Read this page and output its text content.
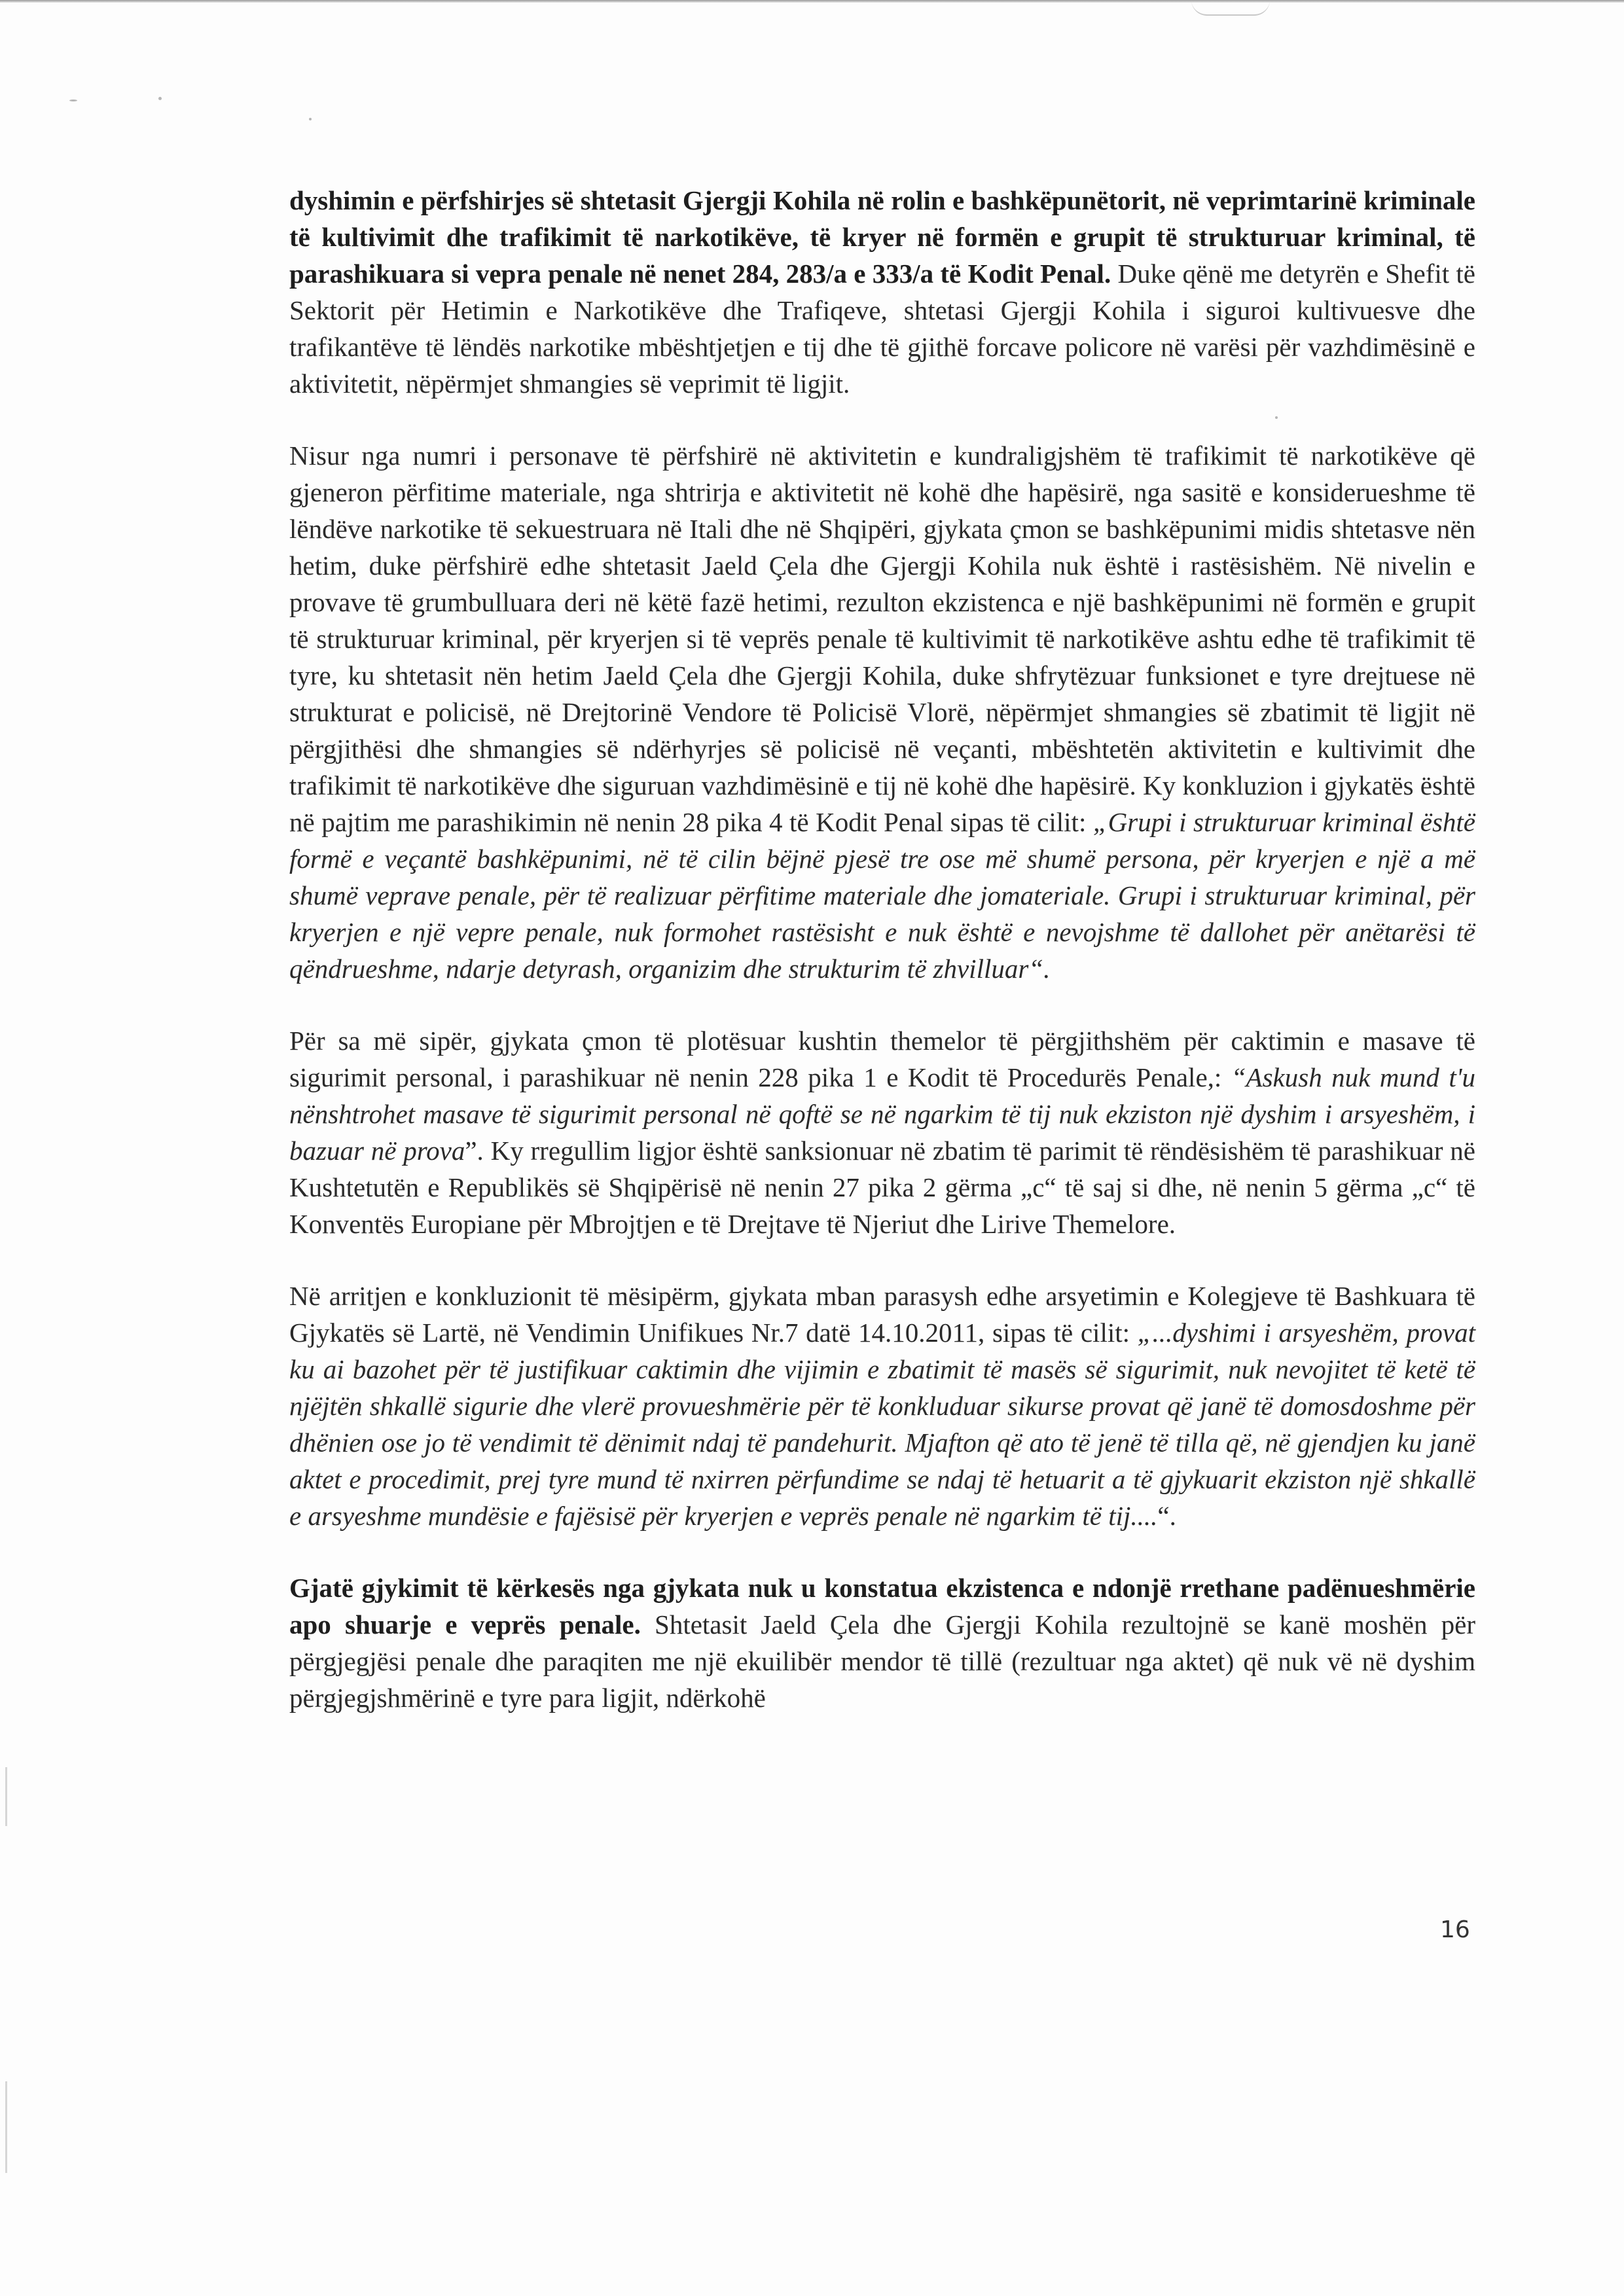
dyshimin e përfshirjes së shtetasit Gjergji Kohila në rolin e bashkëpunëtorit, në veprimtarinë kriminale të kultivimit dhe trafikimit të narkotikëve, të kryer në formën e grupit të strukturuar kriminal, të parashikuara si vepra penale në nenet 284, 283/a e 333/a të Kodit Penal. Duke qënë me detyrën e Shefit të Sektorit për Hetimin e Narkotikëve dhe Trafiqeve, shtetasi Gjergji Kohila i siguroi kultivuesve dhe trafikantëve të lëndës narkotike mbështjetjen e tij dhe të gjithë forcave policore në varësi për vazhdimësinë e aktivitetit, nëpërmjet shmangies së veprimit të ligjit.

Nisur nga numri i personave të përfshirë në aktivitetin e kundraligjshëm të trafikimit të narkotikëve që gjeneron përfitime materiale, nga shtrirja e aktivitetit në kohë dhe hapësirë, nga sasitë e konsiderueshme të lëndëve narkotike të sekuestruara në Itali dhe në Shqipëri, gjykata çmon se bashkëpunimi midis shtetasve nën hetim, duke përfshirë edhe shtetasit Jaeld Çela dhe Gjergji Kohila nuk është i rastësishëm. Në nivelin e provave të grumbulluara deri në këtë fazë hetimi, rezulton ekzistenca e një bashkëpunimi në formën e grupit të strukturuar kriminal, për kryerjen si të veprës penale të kultivimit të narkotikëve ashtu edhe të trafikimit të tyre, ku shtetasit nën hetim Jaeld Çela dhe Gjergji Kohila, duke shfrytëzuar funksionet e tyre drejtuese në strukturat e policisë, në Drejtorinë Vendore të Policisë Vlorë, nëpërmjet shmangies së zbatimit të ligjit në përgjithësi dhe shmangies së ndërhyrjes së policisë në veçanti, mbështetën aktivitetin e kultivimit dhe trafikimit të narkotikëve dhe siguruan vazhdimësinë e tij në kohë dhe hapësirë. Ky konkluzion i gjykatës është në pajtim me parashikimin në nenin 28 pika 4 të Kodit Penal sipas të cilit: „Grupi i strukturuar kriminal është formë e veçantë bashkëpunimi, në të cilin bëjnë pjesë tre ose më shumë persona, për kryerjen e një a më shumë veprave penale, për të realizuar përfitime materiale dhe jomateriale. Grupi i strukturuar kriminal, për kryerjen e një vepre penale, nuk formohet rastësisht e nuk është e nevojshme të dallohet për anëtarësi të qëndrueshme, ndarje detyrash, organizim dhe strukturim të zhvilluar“.

Për sa më sipër, gjykata çmon të plotësuar kushtin themelor të përgjithshëm për caktimin e masave të sigurimit personal, i parashikuar në nenin 228 pika 1 e Kodit të Procedurës Penale,: “Askush nuk mund t'u nënshtrohet masave të sigurimit personal në qoftë se në ngarkim të tij nuk ekziston një dyshim i arsyeshëm, i bazuar në prova”. Ky rregullim ligjor është sanksionuar në zbatim të parimit të rëndësishëm të parashikuar në Kushtetutën e Republikës së Shqipërisë në nenin 27 pika 2 gërma „c“ të saj si dhe, në nenin 5 gërma „c“ të Konventës Europiane për Mbrojtjen e të Drejtave të Njeriut dhe Lirive Themelore.

Në arritjen e konkluzionit të mësipërm, gjykata mban parasysh edhe arsyetimin e Kolegjeve të Bashkuara të Gjykatës së Lartë, në Vendimin Unifikues Nr.7 datë 14.10.2011, sipas të cilit: „...dyshimi i arsyeshëm, provat ku ai bazohet për të justifikuar caktimin dhe vijimin e zbatimit të masës së sigurimit, nuk nevojitet të ketë të njëjtën shkallë sigurie dhe vlerë provueshmërie për të konkluduar sikurse provat që janë të domosdoshme për dhënien ose jo të vendimit të dënimit ndaj të pandehurit. Mjafton që ato të jenë të tilla që, në gjendjen ku janë aktet e procedimit, prej tyre mund të nxirren përfundime se ndaj të hetuarit a të gjykuarit ekziston një shkallë e arsyeshme mundësie e fajësisë për kryerjen e veprës penale në ngarkim të tij....“.

Gjatë gjykimit të kërkesës nga gjykata nuk u konstatua ekzistenca e ndonjë rrethane padënueshmërie apo shuarje e veprës penale. Shtetasit Jaeld Çela dhe Gjergji Kohila rezultojnë se kanë moshën për përgjegjësi penale dhe paraqiten me një ekuilibër mendor të tillë (rezultuar nga aktet) që nuk vë në dyshim përgjegjshmërinë e tyre para ligjit, ndërkohë

16
